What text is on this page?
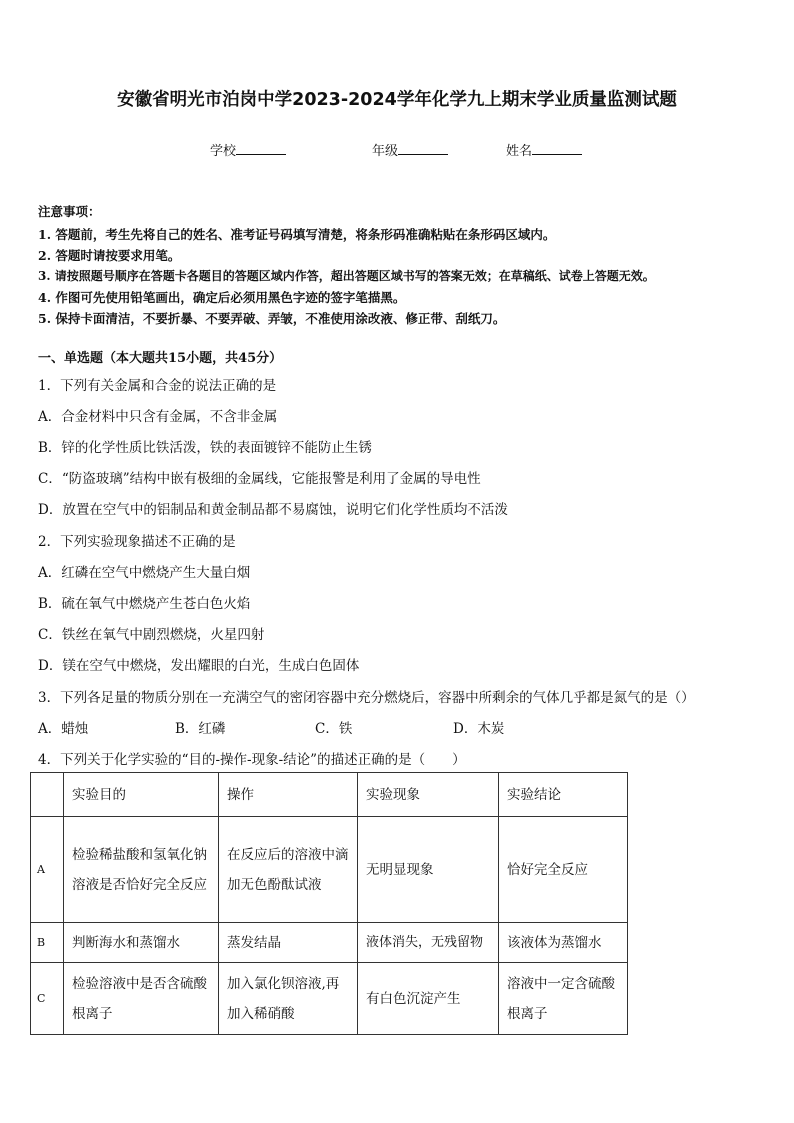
安徽省明光市泊岗中学2023-2024学年化学九上期末学业质量监测试题
学校	年级	姓名
注意事项：
1. 答题前，考生先将自己的姓名、准考证号码填写清楚，将条形码准确粘贴在条形码区域内。
2. 答题时请按要求用笔。
3. 请按照题号顺序在答题卡各题目的答题区域内作答，超出答题区域书写的答案无效；在草稿纸、试卷上答题无效。
4. 作图可先使用铅笔画出，确定后必须用黑色字迹的签字笔描黑。
5. 保持卡面清洁，不要折暴、不要弄破、弄皱，不准使用涂改液、修正带、刮纸刀。
一、单选题（本大题共15小题，共45分）
1．下列有关金属和合金的说法正确的是
A．合金材料中只含有金属，不含非金属
B．锌的化学性质比铁活泼，铁的表面镀锌不能防止生锈
C．“防盗玻璃”结构中嵌有极细的金属线，它能报警是利用了金属的导电性
D．放置在空气中的铝制品和黄金制品都不易腐蚀，说明它们化学性质均不活泼
2．下列实验现象描述不正确的是
A．红磷在空气中燃烧产生大量白烟
B．硫在氧气中燃烧产生苍白色火焰
C．铁丝在氧气中剧烈燃烧，火星四射
D．镁在空气中燃烧，发出耀眼的白光，生成白色固体
3．下列各足量的物质分别在一充满空气的密闭容器中充分燃烧后，容器中所剩余的气体几乎都是氮气的是（）
A．蜡烛	B．红磷	C．铁	D．木炭
4．下列关于化学实验的“目的-操作-现象-结论”的描述正确的是（　　）
	实验目的	操作	实验现象	实验结论
A	检验稀盐酸和氢氧化钠溶液是否恰好完全反应	在反应后的溶液中滴加无色酚酞试液	无明显现象	恰好完全反应
B	判断海水和蒸馏水	蒸发结晶	液体消失，无残留物	该液体为蒸馏水
C	检验溶液中是否含硫酸根离子	加入氯化钡溶液,再加入稀硝酸	有白色沉淀产生	溶液中一定含硫酸根离子
